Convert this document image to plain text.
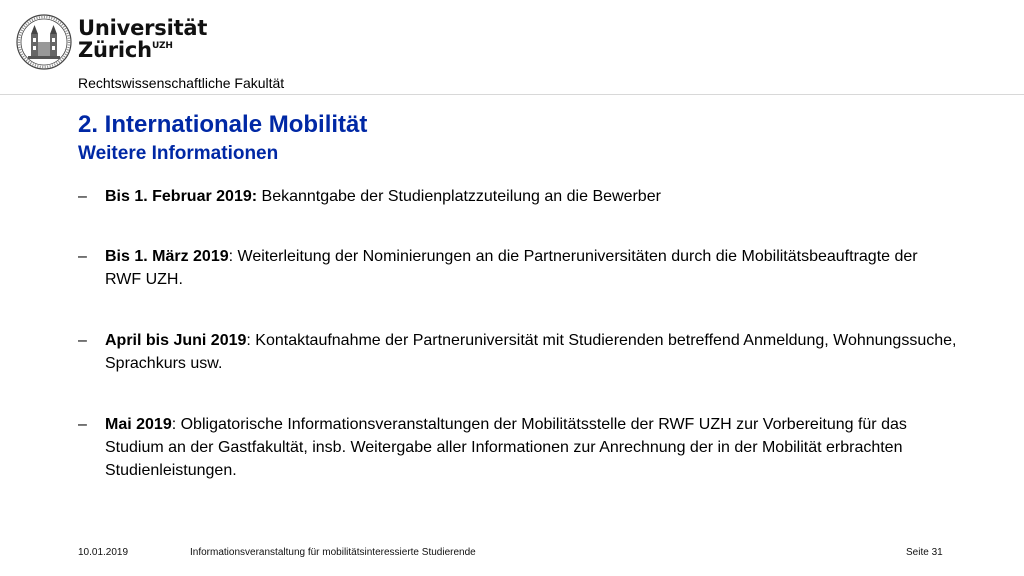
Universität
Zürich$^{UZH}$
Rechtswissenschaftliche Fakultät
2. Internationale Mobilität
Weitere Informationen
– Bis 1. Februar 2019: Bekanntgabe der Studienplatzzuteilung an die Bewerber
– Bis 1. März 2019: Weiterleitung der Nominierungen an die Partneruniversitäten durch die Mobilitätsbeauftragte der RWF UZH.
– April bis Juni 2019: Kontaktaufnahme der Partneruniversität mit Studierenden betreffend Anmeldung, Wohnungssuche, Sprachkurs usw.
– Mai 2019: Obligatorische Informationsveranstaltungen der Mobilitätsstelle der RWF UZH zur Vorbereitung für das Studium an der Gastfakultät, insb. Weitergabe aller Informationen zur Anrechnung der in der Mobilität erbrachten Studienleistungen.
10.01.2019	Informationsveranstaltung für mobilitätsinteressierte Studierende	Seite 31
